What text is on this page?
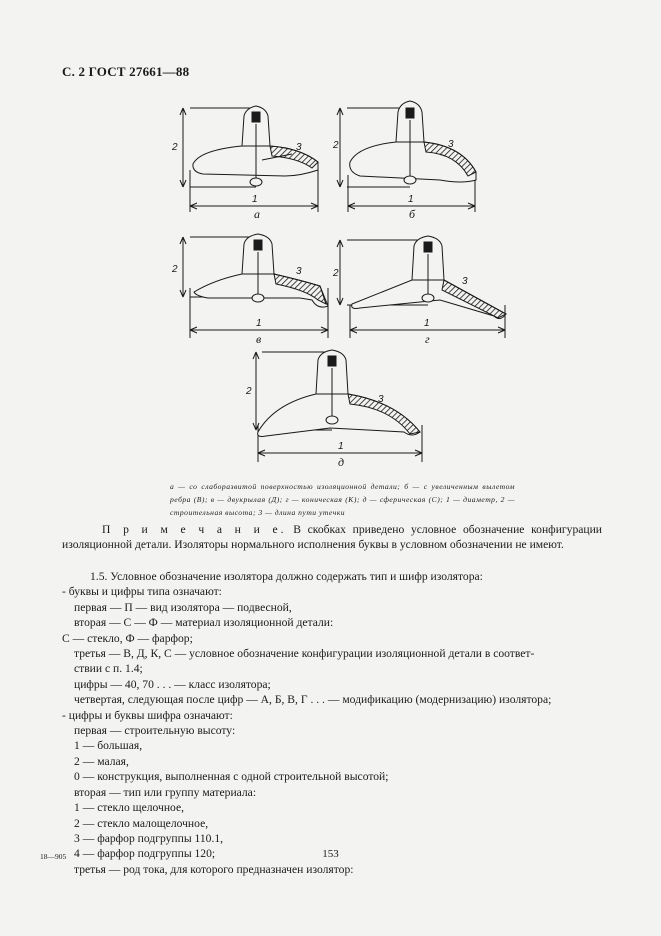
С. 2 ГОСТ 27661—88
2	3
1
а
2	3
1
б
2	3
1
в
2
3
1
г
2
3
1
д
а — со слаборазвитой поверхностью изоляционной детали; б — с увеличенным вылетом ребра (В); в — двукрылая (Д); г — коническая (К); д — сферическая (С); 1 — диаметр, 2 — строительная высота; 3 — длина пути утечки
П р и м е ч а н и е. В скобках приведено условное обозначение конфигурации изоляционной детали. Изоляторы нормального исполнения буквы в условном обозначении не имеют.

1.5. Условное обозначение изолятора должно содержать тип и шифр изолятора:

- буквы и цифры типа означают:

первая — П — вид изолятора — подвесной,

вторая — С — Ф — материал изоляционной детали:

С — стекло, Ф — фарфор;

третья — В, Д, К, С — условное обозначение конфигурации изоляционной детали в соответ-

ствии с п. 1.4;

цифры — 40, 70 . . . — класс изолятора;

четвертая, следующая после цифр — А, Б, В, Г . . . — модификацию (модернизацию) изолятора;

- цифры и буквы шифра означают:

первая — строительную высоту:

1 — большая,

2 — малая,

0 — конструкция, выполненная с одной строительной высотой;

вторая — тип или группу материала:

1 — стекло щелочное,

2 — стекло малощелочное,

3 — фарфор подгруппы 110.1,

4 — фарфор подгруппы 120;

третья — род тока, для которого предназначен изолятор:

18—905	153
